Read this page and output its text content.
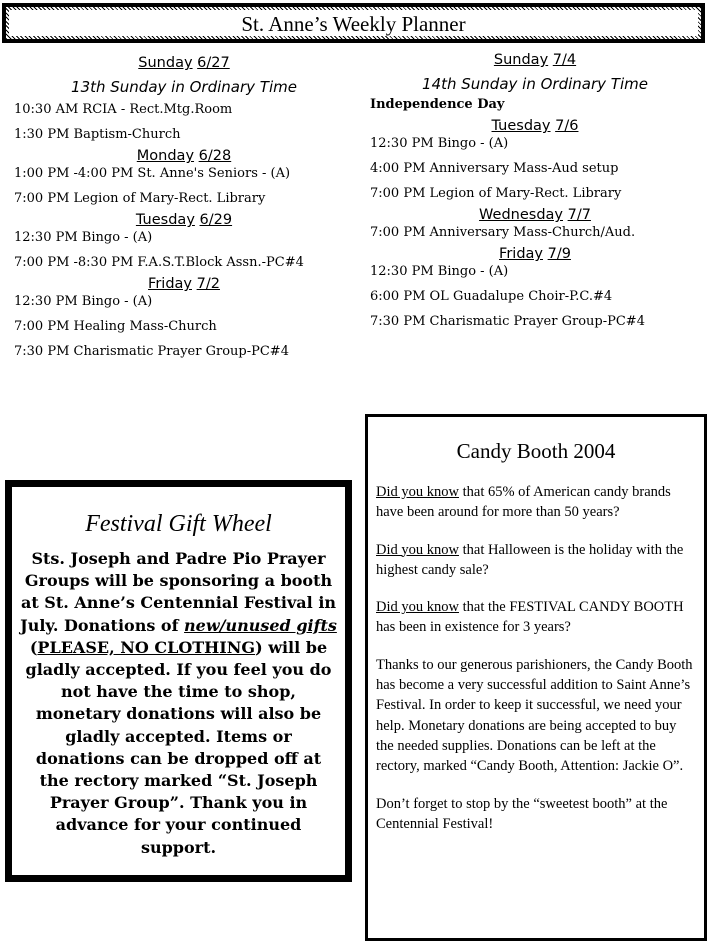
St. Anne’s Weekly Planner

Sunday 6/27

13th Sunday in Ordinary Time

10:30 AM RCIA - Rect.Mtg.Room

1:30 PM Baptism-Church

Monday 6/28

1:00 PM -4:00 PM St. Anne's Seniors - (A)

7:00 PM Legion of Mary-Rect. Library

Tuesday 6/29

12:30 PM Bingo - (A)

7:00 PM -8:30 PM F.A.S.T.Block Assn.-PC#4

Friday 7/2

12:30 PM Bingo - (A)

7:00 PM Healing Mass-Church

7:30 PM Charismatic Prayer Group-PC#4

Sunday 7/4

14th Sunday in Ordinary Time

Independence Day

Tuesday 7/6

12:30 PM Bingo - (A)

4:00 PM Anniversary Mass-Aud setup

7:00 PM Legion of Mary-Rect. Library

Wednesday 7/7

7:00 PM Anniversary Mass-Church/Aud.

Friday 7/9

12:30 PM Bingo - (A)

6:00 PM OL Guadalupe Choir-P.C.#4

7:30 PM Charismatic Prayer Group-PC#4

Festival Gift Wheel

Sts. Joseph and Padre Pio Prayer Groups will be sponsoring a booth at St. Anne’s Centennial Festival in July. Donations of new/unused gifts (PLEASE, NO CLOTHING) will be gladly accepted. If you feel you do not have the time to shop, monetary donations will also be gladly accepted. Items or donations can be dropped off at the rectory marked “St. Joseph Prayer Group”. Thank you in advance for your continued support.

Candy Booth 2004

Did you know that 65% of American candy brands have been around for more than 50 years?

Did you know that Halloween is the holiday with the highest candy sale?

Did you know that the FESTIVAL CANDY BOOTH has been in existence for 3 years?

Thanks to our generous parishioners, the Candy Booth has become a very successful addition to Saint Anne’s Festival. In order to keep it successful, we need your help. Monetary donations are being accepted to buy the needed supplies. Donations can be left at the rectory, marked “Candy Booth, Attention: Jackie O”.

Don’t forget to stop by the “sweetest booth” at the Centennial Festival!
